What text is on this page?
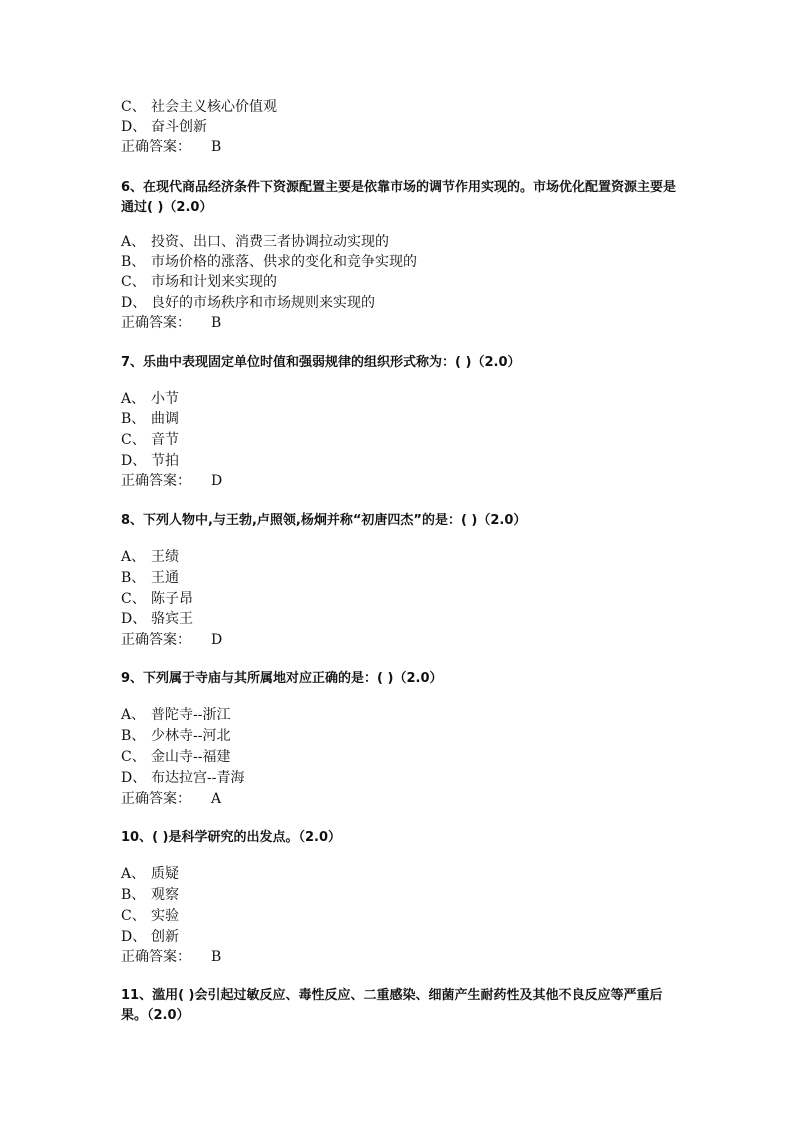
C、 社会主义核心价值观
D、 奋斗创新
正确答案： B
6、在现代商品经济条件下资源配置主要是依靠市场的调节作用实现的。市场优化配置资源主要是通过( )（2.0）
A、 投资、出口、消费三者协调拉动实现的
B、 市场价格的涨落、供求的变化和竞争实现的
C、 市场和计划来实现的
D、 良好的市场秩序和市场规则来实现的
正确答案： B
7、乐曲中表现固定单位时值和强弱规律的组织形式称为：( )（2.0）
A、 小节
B、 曲调
C、 音节
D、 节拍
正确答案： D
8、下列人物中,与王勃,卢照领,杨炯并称“初唐四杰”的是：( )（2.0）
A、 王绩
B、 王通
C、 陈子昂
D、 骆宾王
正确答案： D
9、下列属于寺庙与其所属地对应正确的是：( )（2.0）
A、 普陀寺--浙江
B、 少林寺--河北
C、 金山寺--福建
D、 布达拉宫--青海
正确答案： A
10、( )是科学研究的出发点。（2.0）
A、 质疑
B、 观察
C、 实验
D、 创新
正确答案： B
11、滥用( )会引起过敏反应、毒性反应、二重感染、细菌产生耐药性及其他不良反应等严重后果。（2.0）
